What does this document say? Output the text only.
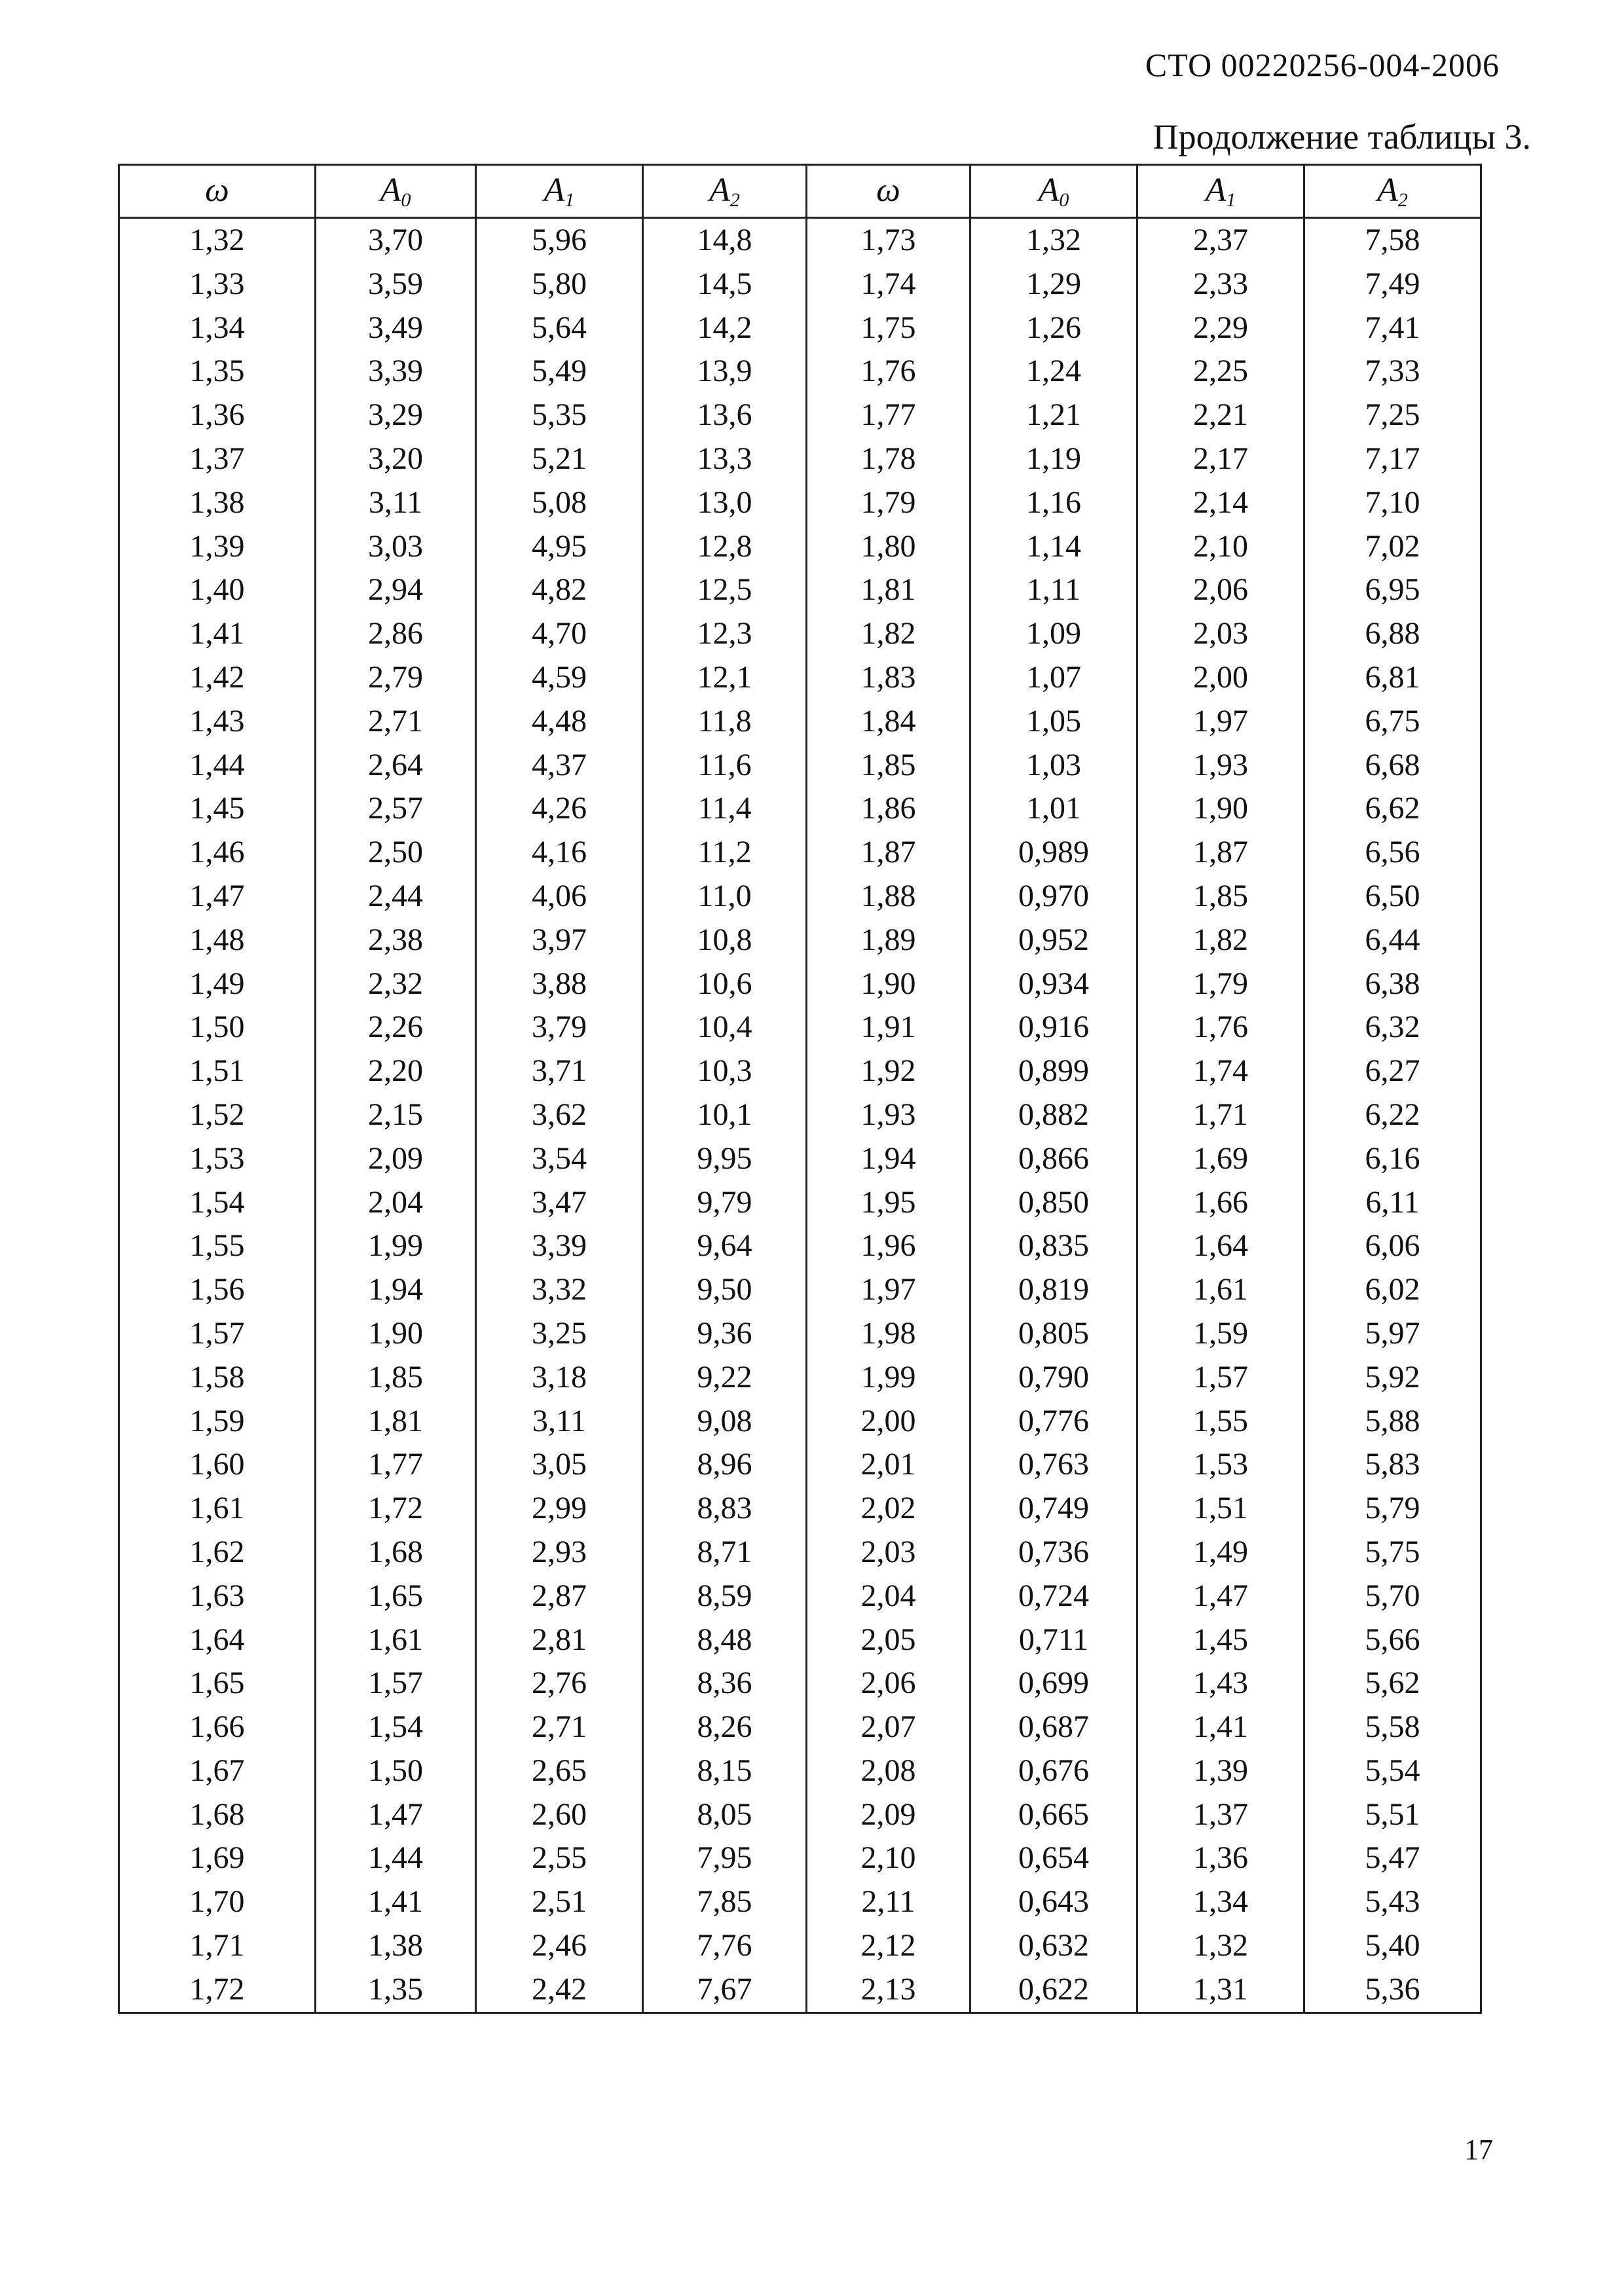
СТО 00220256-004-2006
Продолжение таблицы 3.
ω	$A_0$	$A_1$	$A_2$	ω	$A_0$	$A_1$	$A_2$
1,32	3,70	5,96	14,8	1,73	1,32	2,37	7,58
1,33	3,59	5,80	14,5	1,74	1,29	2,33	7,49
1,34	3,49	5,64	14,2	1,75	1,26	2,29	7,41
1,35	3,39	5,49	13,9	1,76	1,24	2,25	7,33
1,36	3,29	5,35	13,6	1,77	1,21	2,21	7,25
1,37	3,20	5,21	13,3	1,78	1,19	2,17	7,17
1,38	3,11	5,08	13,0	1,79	1,16	2,14	7,10
1,39	3,03	4,95	12,8	1,80	1,14	2,10	7,02
1,40	2,94	4,82	12,5	1,81	1,11	2,06	6,95
1,41	2,86	4,70	12,3	1,82	1,09	2,03	6,88
1,42	2,79	4,59	12,1	1,83	1,07	2,00	6,81
1,43	2,71	4,48	11,8	1,84	1,05	1,97	6,75
1,44	2,64	4,37	11,6	1,85	1,03	1,93	6,68
1,45	2,57	4,26	11,4	1,86	1,01	1,90	6,62
1,46	2,50	4,16	11,2	1,87	0,989	1,87	6,56
1,47	2,44	4,06	11,0	1,88	0,970	1,85	6,50
1,48	2,38	3,97	10,8	1,89	0,952	1,82	6,44
1,49	2,32	3,88	10,6	1,90	0,934	1,79	6,38
1,50	2,26	3,79	10,4	1,91	0,916	1,76	6,32
1,51	2,20	3,71	10,3	1,92	0,899	1,74	6,27
1,52	2,15	3,62	10,1	1,93	0,882	1,71	6,22
1,53	2,09	3,54	9,95	1,94	0,866	1,69	6,16
1,54	2,04	3,47	9,79	1,95	0,850	1,66	6,11
1,55	1,99	3,39	9,64	1,96	0,835	1,64	6,06
1,56	1,94	3,32	9,50	1,97	0,819	1,61	6,02
1,57	1,90	3,25	9,36	1,98	0,805	1,59	5,97
1,58	1,85	3,18	9,22	1,99	0,790	1,57	5,92
1,59	1,81	3,11	9,08	2,00	0,776	1,55	5,88
1,60	1,77	3,05	8,96	2,01	0,763	1,53	5,83
1,61	1,72	2,99	8,83	2,02	0,749	1,51	5,79
1,62	1,68	2,93	8,71	2,03	0,736	1,49	5,75
1,63	1,65	2,87	8,59	2,04	0,724	1,47	5,70
1,64	1,61	2,81	8,48	2,05	0,711	1,45	5,66
1,65	1,57	2,76	8,36	2,06	0,699	1,43	5,62
1,66	1,54	2,71	8,26	2,07	0,687	1,41	5,58
1,67	1,50	2,65	8,15	2,08	0,676	1,39	5,54
1,68	1,47	2,60	8,05	2,09	0,665	1,37	5,51
1,69	1,44	2,55	7,95	2,10	0,654	1,36	5,47
1,70	1,41	2,51	7,85	2,11	0,643	1,34	5,43
1,71	1,38	2,46	7,76	2,12	0,632	1,32	5,40
1,72	1,35	2,42	7,67	2,13	0,622	1,31	5,36
17
